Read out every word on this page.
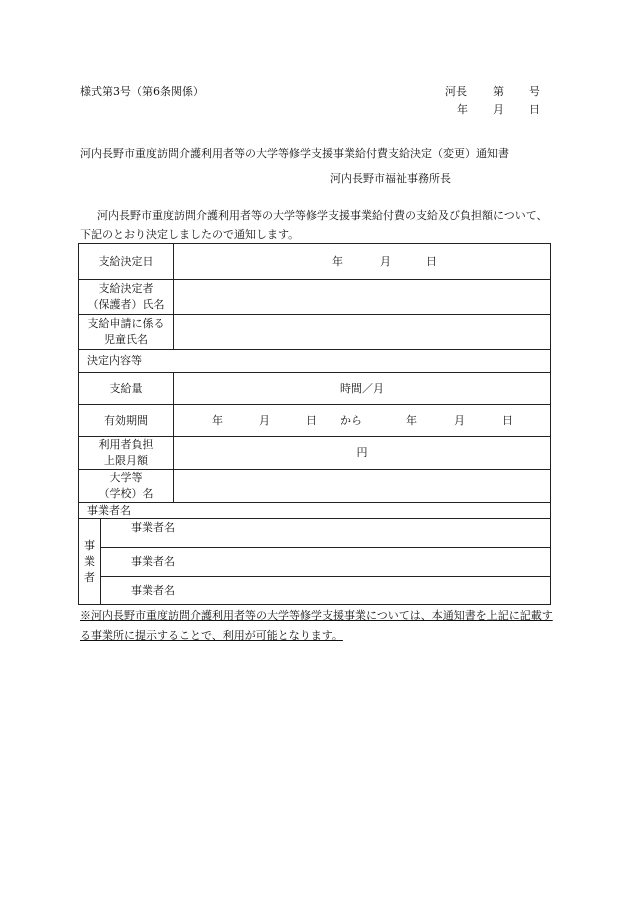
様式第3号（第6条関係）	河長 第 号
年 月 日
河内長野市重度訪問介護利用者等の大学等修学支援事業給付費支給決定（変更）通知書
河内長野市福祉事務所長
河内長野市重度訪問介護利用者等の大学等修学支援事業給付費の支給及び負担額について、下記のとおり決定しましたので通知します。
支給決定日		年 月 日

支給決定者
（保護者）氏名		

支給申請に係る
児童氏名		

決定内容等		
支給量		時間／月
有効期間		年 月 日 から 年 月 日

利用者負担
上限月額		円

大学等
（学校）名		

事業者名		

事
業
者	事業者名	
	事業者名	
	事業者名	
※河内長野市重度訪問介護利用者等の大学等修学支援事業については、本通知書を上記に記載する事業所に提示することで、利用が可能となります。
